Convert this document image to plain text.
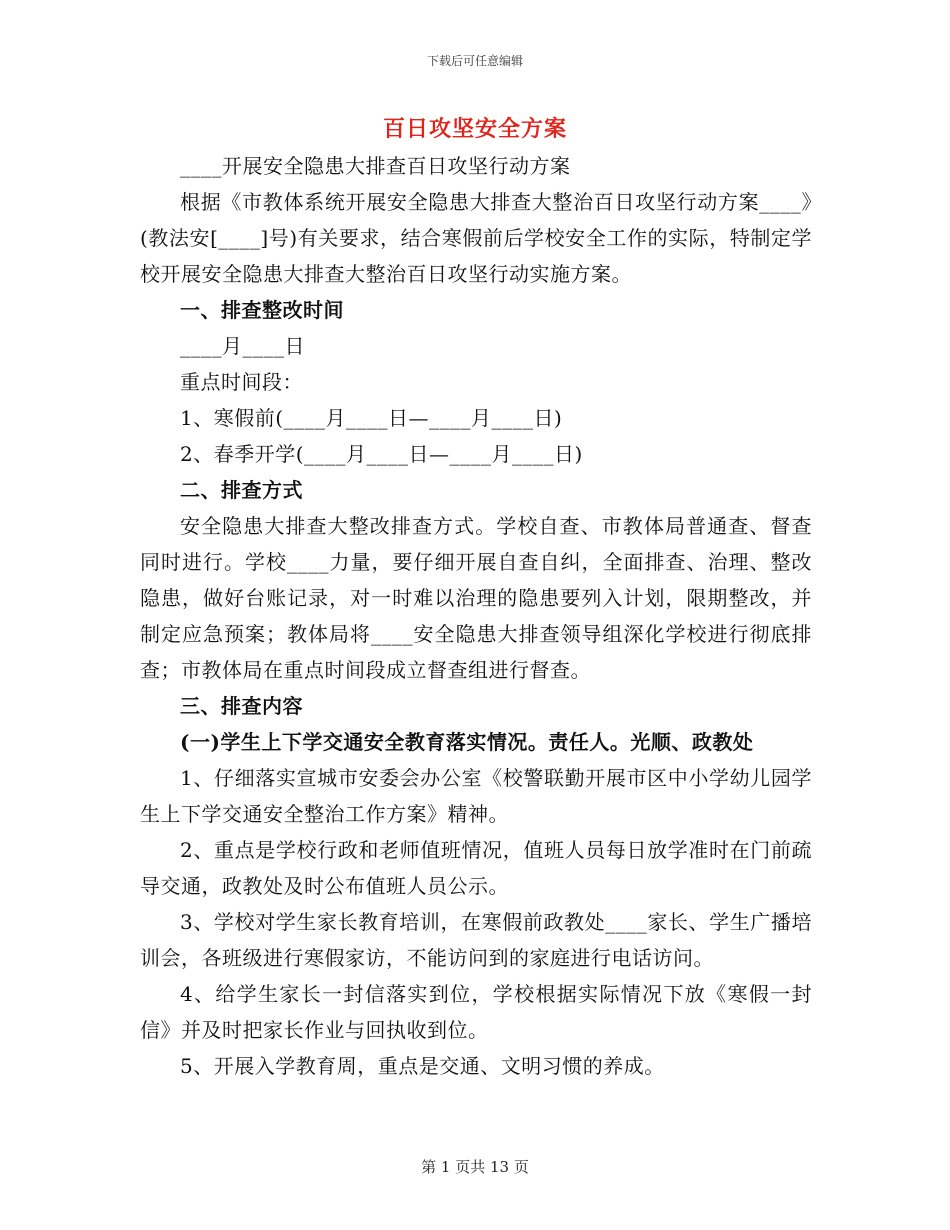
下载后可任意编辑
百日攻坚安全方案

____开展安全隐患大排查百日攻坚行动方案

根据《市教体系统开展安全隐患大排查大整治百日攻坚行动方案____》(教法安[____]号)有关要求，结合寒假前后学校安全工作的实际，特制定学校开展安全隐患大排查大整治百日攻坚行动实施方案。

一、排查整改时间

____月____日

重点时间段：

1、寒假前(____月____日—____月____日)

2、春季开学(____月____日—____月____日)

二、排查方式

安全隐患大排查大整改排查方式。学校自查、市教体局普通查、督查同时进行。学校____力量，要仔细开展自查自纠，全面排查、治理、整改隐患，做好台账记录，对一时难以治理的隐患要列入计划，限期整改，并制定应急预案；教体局将____安全隐患大排查领导组深化学校进行彻底排查；市教体局在重点时间段成立督查组进行督查。

三、排查内容

(一)学生上下学交通安全教育落实情况。责任人。光顺、政教处

1、仔细落实宣城市安委会办公室《校警联勤开展市区中小学幼儿园学生上下学交通安全整治工作方案》精神。

2、重点是学校行政和老师值班情况，值班人员每日放学准时在门前疏导交通，政教处及时公布值班人员公示。

3、学校对学生家长教育培训，在寒假前政教处____家长、学生广播培训会，各班级进行寒假家访，不能访问到的家庭进行电话访问。

4、给学生家长一封信落实到位，学校根据实际情况下放《寒假一封信》并及时把家长作业与回执收到位。

5、开展入学教育周，重点是交通、文明习惯的养成。

第 1 页共 13 页
